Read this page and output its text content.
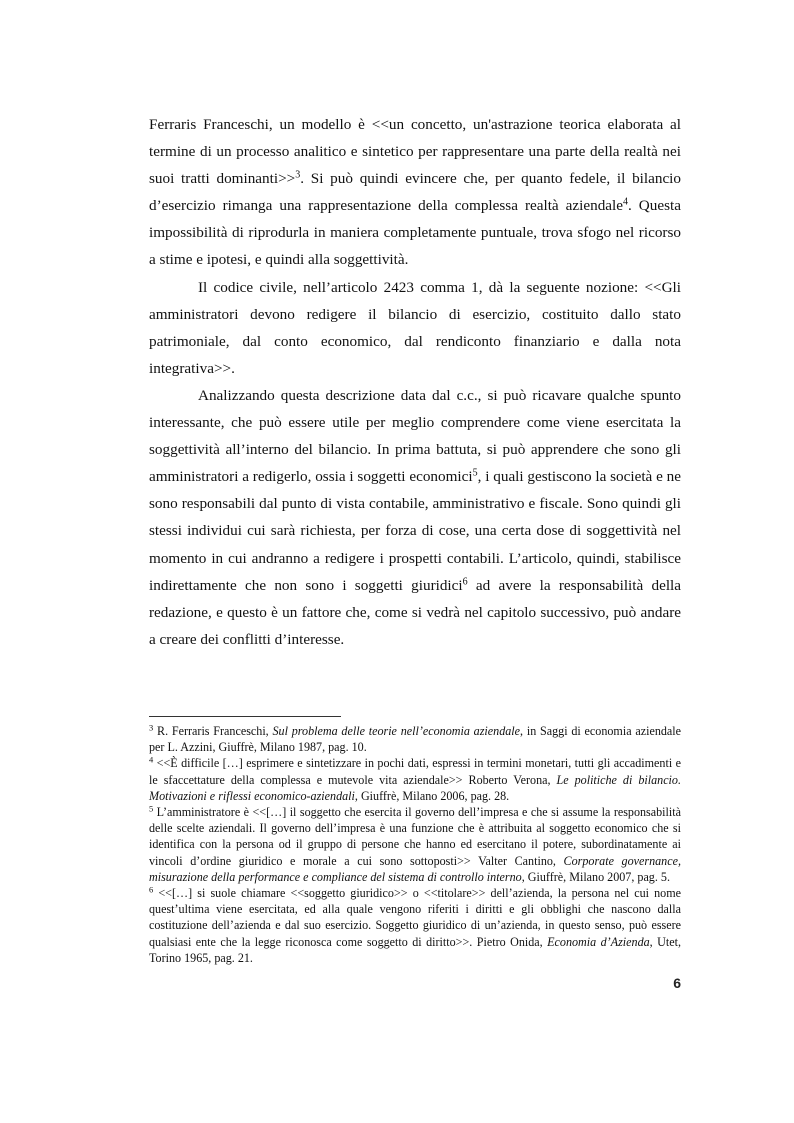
Ferraris Franceschi, un modello è <<un concetto, un'astrazione teorica elaborata al termine di un processo analitico e sintetico per rappresentare una parte della realtà nei suoi tratti dominanti>>$^3$. Si può quindi evincere che, per quanto fedele, il bilancio d’esercizio rimanga una rappresentazione della complessa realtà aziendale$^4$. Questa impossibilità di riprodurla in maniera completamente puntuale, trova sfogo nel ricorso a stime e ipotesi, e quindi alla soggettività.

Il codice civile, nell’articolo 2423 comma 1, dà la seguente nozione: <<Gli amministratori devono redigere il bilancio di esercizio, costituito dallo stato patrimoniale, dal conto economico, dal rendiconto finanziario e dalla nota integrativa>>.

Analizzando questa descrizione data dal c.c., si può ricavare qualche spunto interessante, che può essere utile per meglio comprendere come viene esercitata la soggettività all’interno del bilancio. In prima battuta, si può apprendere che sono gli amministratori a redigerlo, ossia i soggetti economici$^5$, i quali gestiscono la società e ne sono responsabili dal punto di vista contabile, amministrativo e fiscale. Sono quindi gli stessi individui cui sarà richiesta, per forza di cose, una certa dose di soggettività nel momento in cui andranno a redigere i prospetti contabili. L’articolo, quindi, stabilisce indirettamente che non sono i soggetti giuridici$^6$ ad avere la responsabilità della redazione, e questo è un fattore che, come si vedrà nel capitolo successivo, può andare a creare dei conflitti d’interesse.

$^3$ R. Ferraris Franceschi, Sul problema delle teorie nell’economia aziendale, in Saggi di economia aziendale per L. Azzini, Giuffrè, Milano 1987, pag. 10.

$^4$ <<È difficile […] esprimere e sintetizzare in pochi dati, espressi in termini monetari, tutti gli accadimenti e le sfaccettature della complessa e mutevole vita aziendale>> Roberto Verona, Le politiche di bilancio. Motivazioni e riflessi economico-aziendali, Giuffrè, Milano 2006, pag. 28.

$^5$ L’amministratore è <<[…] il soggetto che esercita il governo dell’impresa e che si assume la responsabilità delle scelte aziendali. Il governo dell’impresa è una funzione che è attribuita al soggetto economico che si identifica con la persona od il gruppo di persone che hanno ed esercitano il potere, subordinatamente ai vincoli d’ordine giuridico e morale a cui sono sottoposti>> Valter Cantino, Corporate governance, misurazione della performance e compliance del sistema di controllo interno, Giuffrè, Milano 2007, pag. 5.

$^6$ <<[…] si suole chiamare <<soggetto giuridico>> o <<titolare>> dell’azienda, la persona nel cui nome quest’ultima viene esercitata, ed alla quale vengono riferiti i diritti e gli obblighi che nascono dalla costituzione dell’azienda e dal suo esercizio. Soggetto giuridico di un’azienda, in questo senso, può essere qualsiasi ente che la legge riconosca come soggetto di diritto>>. Pietro Onida, Economia d’Azienda, Utet, Torino 1965, pag. 21.

6
